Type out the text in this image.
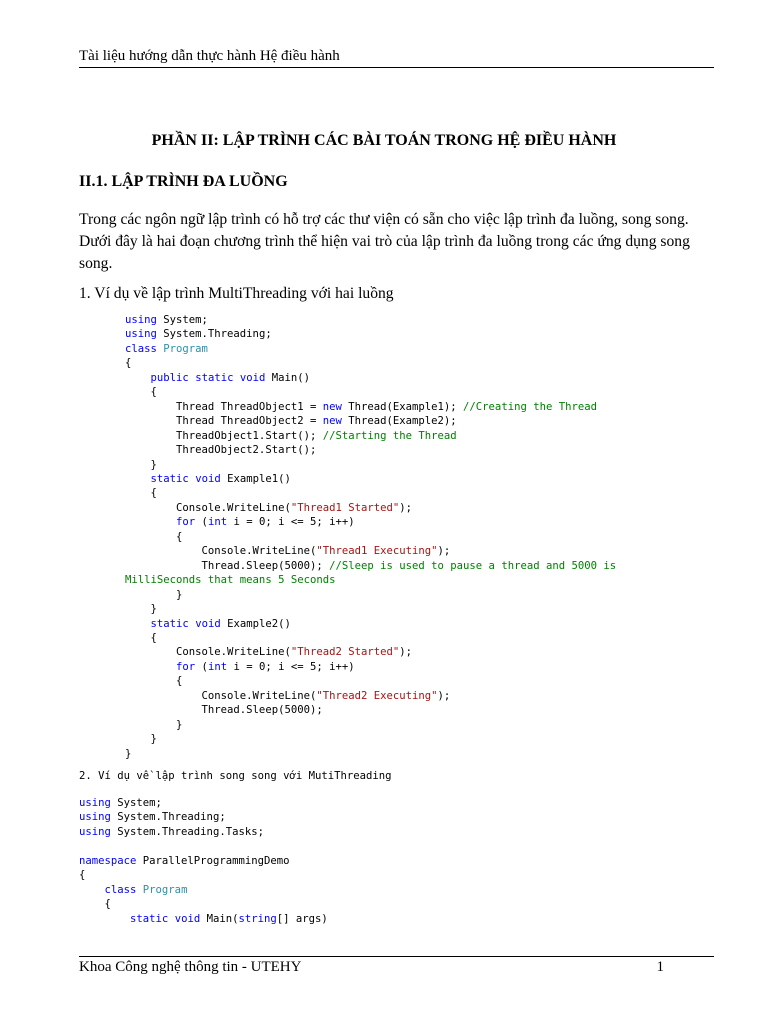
Tài liệu hướng dẫn thực hành Hệ điều hành
PHẦN II: LẬP TRÌNH CÁC BÀI TOÁN TRONG HỆ ĐIỀU HÀNH
II.1. LẬP TRÌNH ĐA LUỒNG
Trong các ngôn ngữ lập trình có hỗ trợ các thư viện có sẵn cho việc lập trình đa luồng, song song. Dưới đây là hai đoạn chương trình thể hiện vai trò của lập trình đa luồng trong các ứng dụng song song.
1. Ví dụ về lập trình MultiThreading với hai luồng
using System;
using System.Threading;
class Program
{
public static void Main()
{
Thread ThreadObject1 = new Thread(Example1); //Creating the Thread
Thread ThreadObject2 = new Thread(Example2);
ThreadObject1.Start(); //Starting the Thread
ThreadObject2.Start();
}
static void Example1()
{
Console.WriteLine("Thread1 Started");
for (int i = 0; i <= 5; i++)
{
Console.WriteLine("Thread1 Executing");
Thread.Sleep(5000); //Sleep is used to pause a thread and 5000 is
MilliSeconds that means 5 Seconds
}
}
static void Example2()
{
Console.WriteLine("Thread2 Started");
for (int i = 0; i <= 5; i++)
{
Console.WriteLine("Thread2 Executing");
Thread.Sleep(5000);
}
}
}

2. Ví dụ về lập trình song song với MutiThreading
using System;
using System.Threading;
using System.Threading.Tasks;

namespace ParallelProgrammingDemo
{
class Program
{
static void Main(string[] args)

Khoa Công nghệ thông tin - UTEHY	1
